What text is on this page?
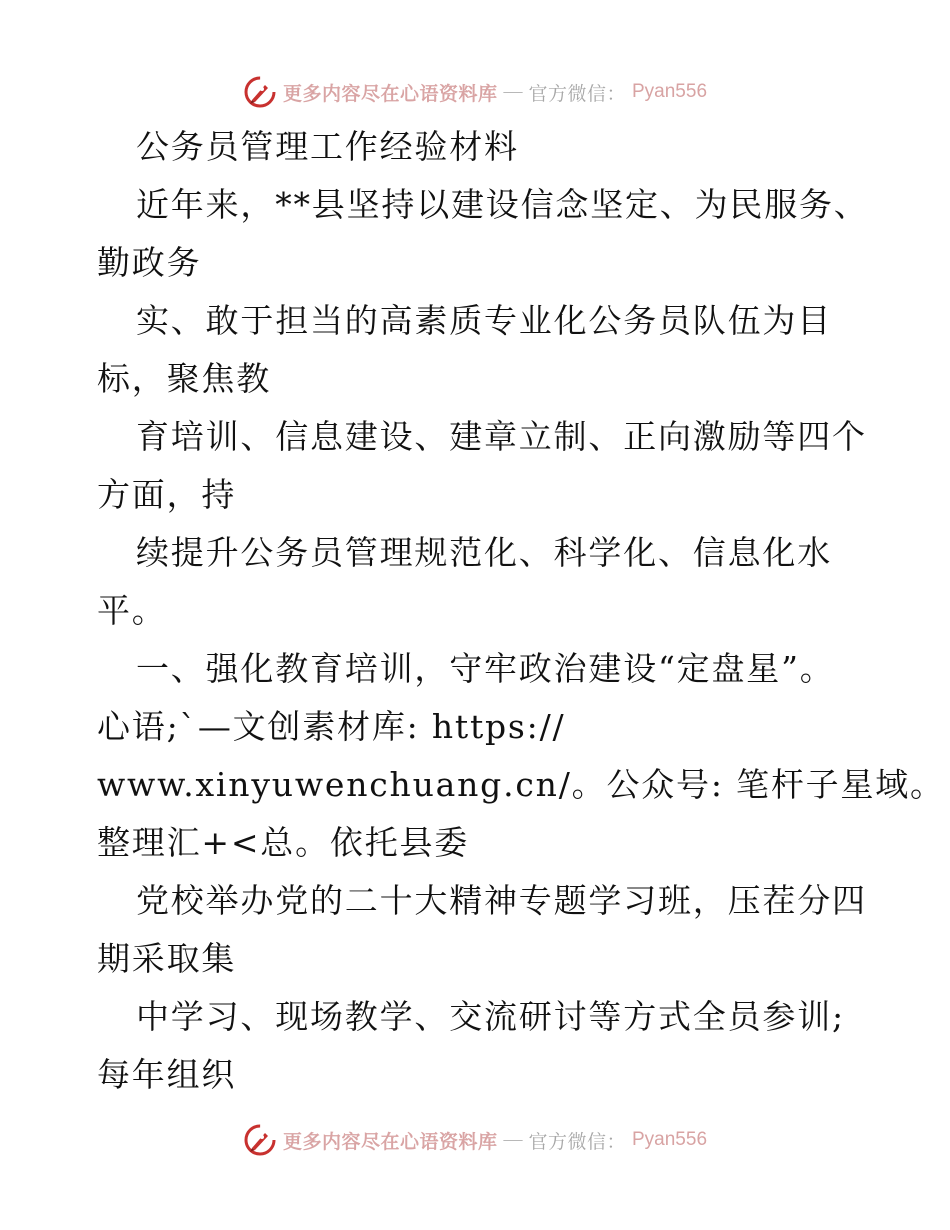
更多内容尽在心语资料库 — 官方微信： Pyan556
公务员管理工作经验材料
近年来，**县坚持以建设信念坚定、为民服务、
勤政务
实、敢于担当的高素质专业化公务员队伍为目
标，聚焦教
育培训、信息建设、建章立制、正向激励等四个
方面，持
续提升公务员管理规范化、科学化、信息化水
平。
一、强化教育培训，守牢政治建设“定盘星”。
心语;`—文创素材库: https://
www.xinyuwenchuang.cn/。公众号: 笔杆子星域。
整理汇+<总。依托县委
党校举办党的二十大精神专题学习班，压茬分四
期采取集
中学习、现场教学、交流研讨等方式全员参训;
每年组织
更多内容尽在心语资料库 — 官方微信： Pyan556
